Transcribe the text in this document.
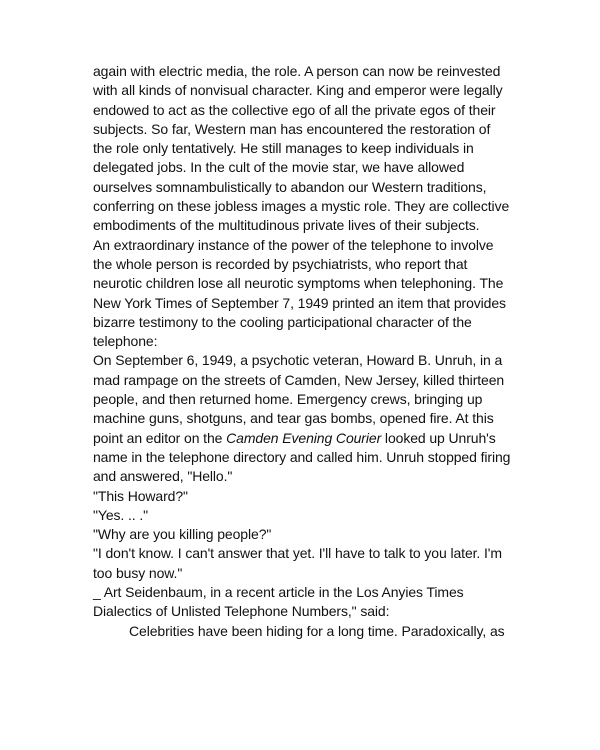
again with electric media, the role. A person can now be reinvested
with all kinds of nonvisual character. King and emperor were legally
endowed to act as the collective ego of all the private egos of their
subjects. So far, Western man has encountered the restoration of
the role only tentatively. He still manages to keep individuals in
delegated jobs. In the cult of the movie star, we have allowed
ourselves somnambulistically to abandon our Western traditions,
conferring on these jobless images a mystic role. They are collective
embodiments of the multitudinous private lives of their subjects.
An extraordinary instance of the power of the telephone to involve
the whole person is recorded by psychiatrists, who report that
neurotic children lose all neurotic symptoms when telephoning. The
New York Times of September 7, 1949 printed an item that provides
bizarre testimony to the cooling participational character of the
telephone:
On September 6, 1949, a psychotic veteran, Howard B. Unruh, in a
mad rampage on the streets of Camden, New Jersey, killed thirteen
people, and then returned home. Emergency crews, bringing up
machine guns, shotguns, and tear gas bombs, opened fire. At this
point an editor on the Camden Evening Courier looked up Unruh's
name in the telephone directory and called him. Unruh stopped firing
and answered, "Hello."
"This Howard?"
"Yes. .. ."
"Why are you killing people?"
"I don't know. I can't answer that yet. I'll have to talk to you later. I'm
too busy now."
_ Art Seidenbaum, in a recent article in the Los Anyies Times
Dialectics of Unlisted Telephone Numbers," said:
Celebrities have been hiding for a long time. Paradoxically, as
